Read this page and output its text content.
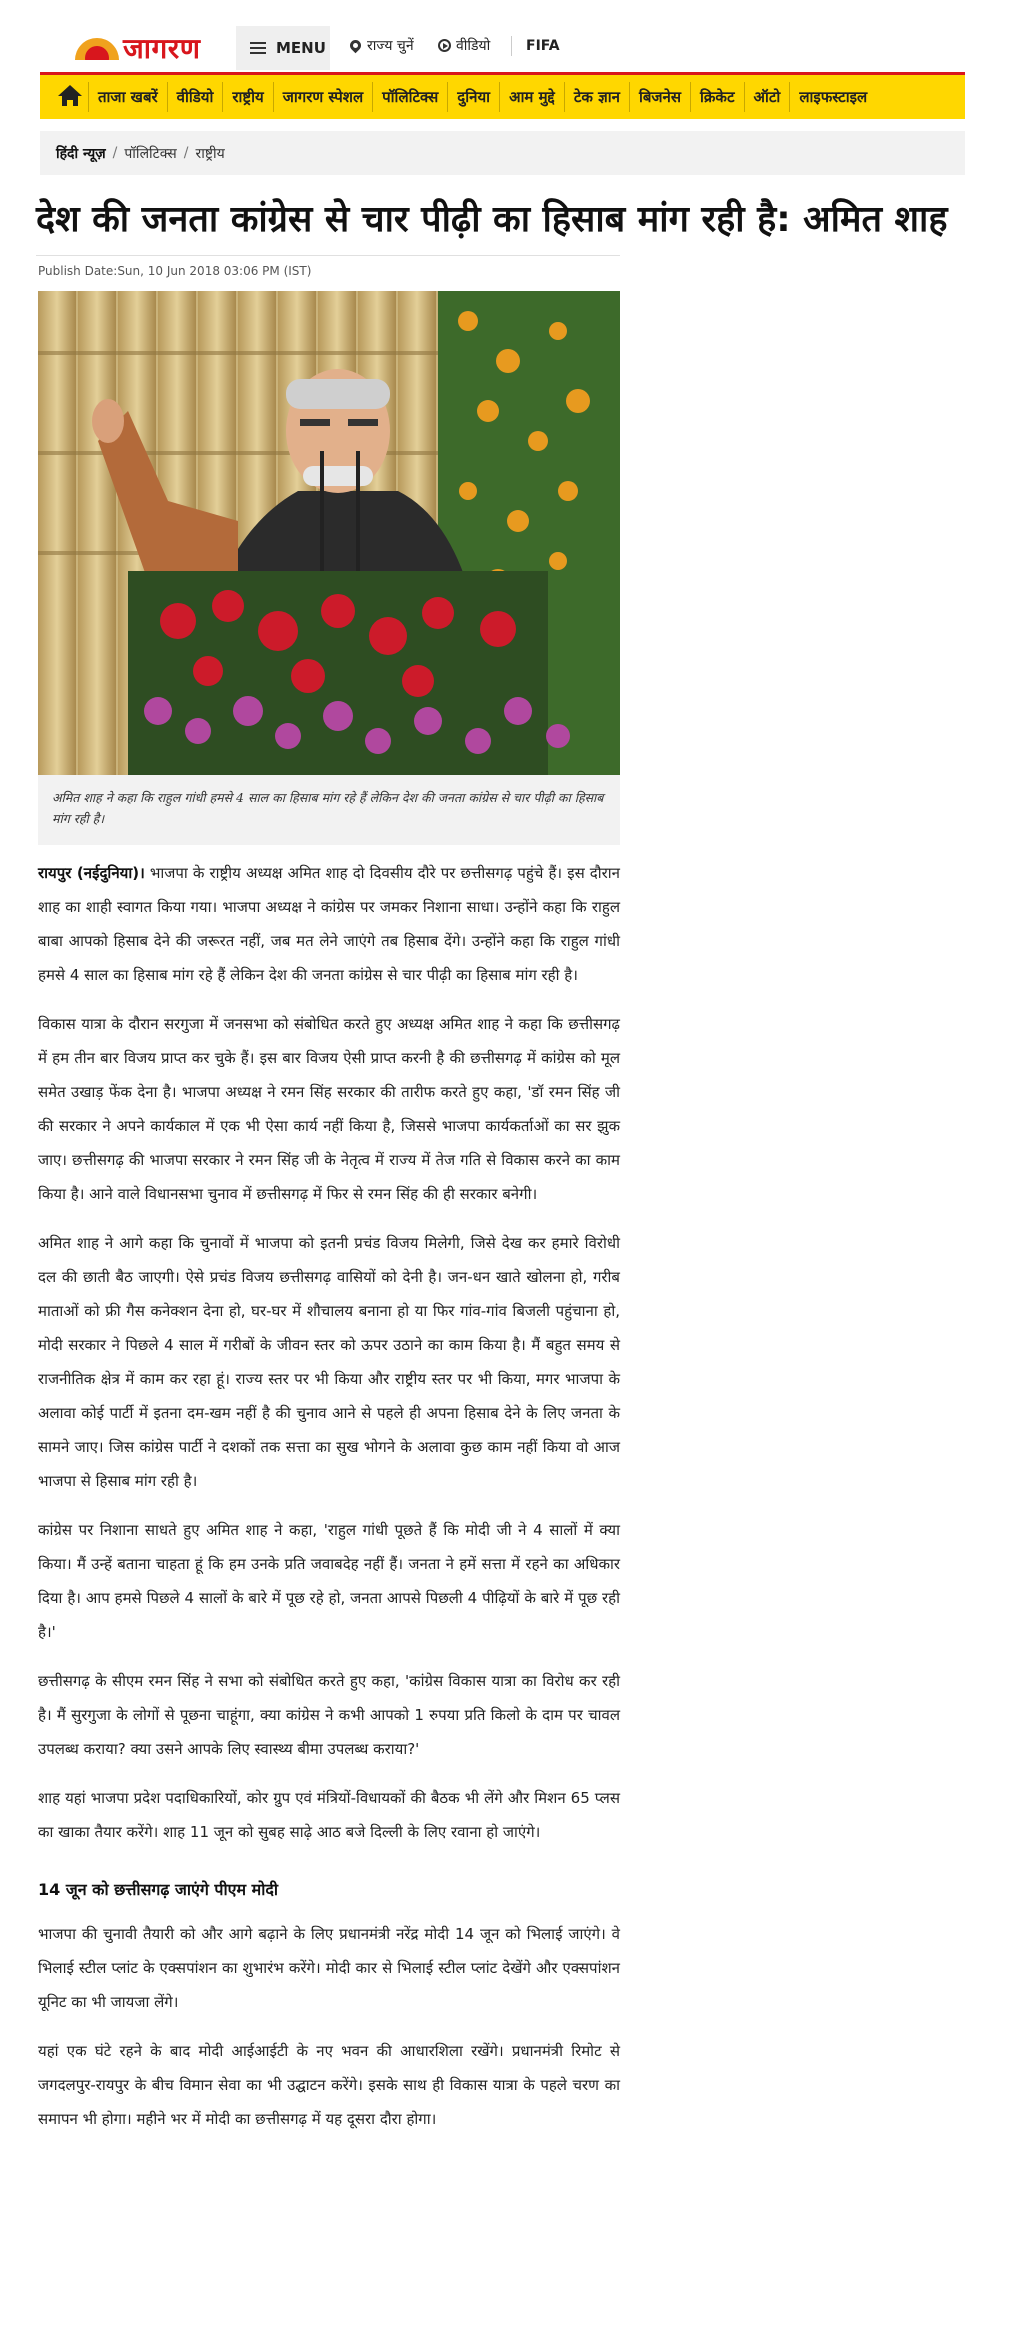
जागरण	MENU	राज्य चुनें	वीडियो	FIFA
ताजा खबरें	वीडियो	राष्ट्रीय	जागरण स्पेशल	पॉलिटिक्स	दुनिया	आम मुद्दे	टेक ज्ञान	बिजनेस	क्रिकेट	ऑटो	लाइफस्टाइल
हिंदी न्यूज़ / पॉलिटिक्स / राष्ट्रीय
देश की जनता कांग्रेस से चार पीढ़ी का हिसाब मांग रही है: अमित शाह
Publish Date:Sun, 10 Jun 2018 03:06 PM (IST)
अमित शाह ने कहा कि राहुल गांधी हमसे 4 साल का हिसाब मांग रहे हैं लेकिन देश की जनता कांग्रेस से चार पीढ़ी का हिसाब मांग रही है।

रायपुर (नईदुनिया)। भाजपा के राष्ट्रीय अध्यक्ष अमित शाह दो दिवसीय दौरे पर छत्तीसगढ़ पहुंचे हैं। इस दौरान शाह का शाही स्वागत किया गया। भाजपा अध्यक्ष ने कांग्रेस पर जमकर निशाना साधा। उन्होंने कहा कि राहुल बाबा आपको हिसाब देने की जरूरत नहीं, जब मत लेने जाएंगे तब हिसाब देंगे। उन्होंने कहा कि राहुल गांधी हमसे 4 साल का हिसाब मांग रहे हैं लेकिन देश की जनता कांग्रेस से चार पीढ़ी का हिसाब मांग रही है।

विकास यात्रा के दौरान सरगुजा में जनसभा को संबोधित करते हुए अध्यक्ष अमित शाह ने कहा कि छत्तीसगढ़ में हम तीन बार विजय प्राप्त कर चुके हैं। इस बार विजय ऐसी प्राप्त करनी है की छत्तीसगढ़ में कांग्रेस को मूल समेत उखाड़ फेंक देना है। भाजपा अध्यक्ष ने रमन सिंह सरकार की तारीफ करते हुए कहा, 'डॉ रमन सिंह जी की सरकार ने अपने कार्यकाल में एक भी ऐसा कार्य नहीं किया है, जिससे भाजपा कार्यकर्ताओं का सर झुक जाए। छत्तीसगढ़ की भाजपा सरकार ने रमन सिंह जी के नेतृत्व में राज्य में तेज गति से विकास करने का काम किया है। आने वाले विधानसभा चुनाव में छत्तीसगढ़ में फिर से रमन सिंह की ही सरकार बनेगी।

अमित शाह ने आगे कहा कि चुनावों में भाजपा को इतनी प्रचंड विजय मिलेगी, जिसे देख कर हमारे विरोधी दल की छाती बैठ जाएगी। ऐसे प्रचंड विजय छत्तीसगढ़ वासियों को देनी है। जन-धन खाते खोलना हो, गरीब माताओं को फ्री गैस कनेक्शन देना हो, घर-घर में शौचालय बनाना हो या फिर गांव-गांव बिजली पहुंचाना हो, मोदी सरकार ने पिछले 4 साल में गरीबों के जीवन स्तर को ऊपर उठाने का काम किया है। मैं बहुत समय से राजनीतिक क्षेत्र में काम कर रहा हूं। राज्य स्तर पर भी किया और राष्ट्रीय स्तर पर भी किया, मगर भाजपा के अलावा कोई पार्टी में इतना दम-खम नहीं है की चुनाव आने से पहले ही अपना हिसाब देने के लिए जनता के सामने जाए। जिस कांग्रेस पार्टी ने दशकों तक सत्ता का सुख भोगने के अलावा कुछ काम नहीं किया वो आज भाजपा से हिसाब मांग रही है।

कांग्रेस पर निशाना साधते हुए अमित शाह ने कहा, 'राहुल गांधी पूछते हैं कि मोदी जी ने 4 सालों में क्या किया। मैं उन्हें बताना चाहता हूं कि हम उनके प्रति जवाबदेह नहीं हैं। जनता ने हमें सत्ता में रहने का अधिकार दिया है। आप हमसे पिछले 4 सालों के बारे में पूछ रहे हो, जनता आपसे पिछली 4 पीढ़ियों के बारे में पूछ रही है।'

छत्तीसगढ़ के सीएम रमन सिंह ने सभा को संबोधित करते हुए कहा, 'कांग्रेस विकास यात्रा का विरोध कर रही है। मैं सुरगुजा के लोगों से पूछना चाहूंगा, क्या कांग्रेस ने कभी आपको 1 रुपया प्रति किलो के दाम पर चावल उपलब्ध कराया? क्या उसने आपके लिए स्वास्थ्य बीमा उपलब्ध कराया?'

शाह यहां भाजपा प्रदेश पदाधिकारियों, कोर ग्रुप एवं मंत्रियों-विधायकों की बैठक भी लेंगे और मिशन 65 प्लस का खाका तैयार करेंगे। शाह 11 जून को सुबह साढ़े आठ बजे दिल्ली के लिए रवाना हो जाएंगे।

14 जून को छत्तीसगढ़ जाएंगे पीएम मोदी

भाजपा की चुनावी तैयारी को और आगे बढ़ाने के लिए प्रधानमंत्री नरेंद्र मोदी 14 जून को भिलाई जाएंगे। वे भिलाई स्टील प्लांट के एक्सपांशन का शुभारंभ करेंगे। मोदी कार से भिलाई स्टील प्लांट देखेंगे और एक्सपांशन यूनिट का भी जायजा लेंगे।

यहां एक घंटे रहने के बाद मोदी आईआईटी के नए भवन की आधारशिला रखेंगे। प्रधानमंत्री रिमोट से जगदलपुर-रायपुर के बीच विमान सेवा का भी उद्घाटन करेंगे। इसके साथ ही विकास यात्रा के पहले चरण का समापन भी होगा। महीने भर में मोदी का छत्तीसगढ़ में यह दूसरा दौरा होगा।
